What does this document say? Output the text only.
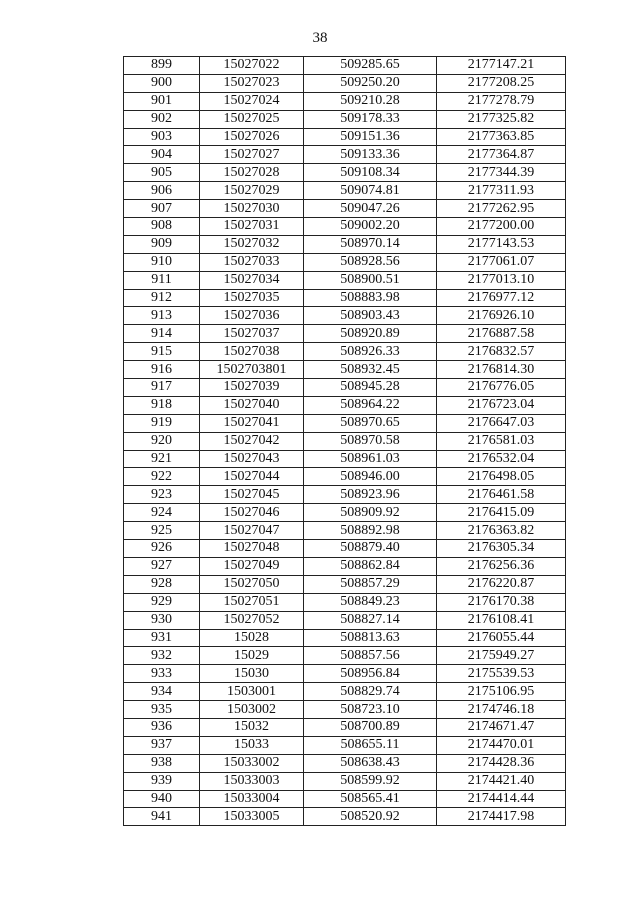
38
899	15027022	509285.65	2177147.21
900	15027023	509250.20	2177208.25
901	15027024	509210.28	2177278.79
902	15027025	509178.33	2177325.82
903	15027026	509151.36	2177363.85
904	15027027	509133.36	2177364.87
905	15027028	509108.34	2177344.39
906	15027029	509074.81	2177311.93
907	15027030	509047.26	2177262.95
908	15027031	509002.20	2177200.00
909	15027032	508970.14	2177143.53
910	15027033	508928.56	2177061.07
911	15027034	508900.51	2177013.10
912	15027035	508883.98	2176977.12
913	15027036	508903.43	2176926.10
914	15027037	508920.89	2176887.58
915	15027038	508926.33	2176832.57
916	1502703801	508932.45	2176814.30
917	15027039	508945.28	2176776.05
918	15027040	508964.22	2176723.04
919	15027041	508970.65	2176647.03
920	15027042	508970.58	2176581.03
921	15027043	508961.03	2176532.04
922	15027044	508946.00	2176498.05
923	15027045	508923.96	2176461.58
924	15027046	508909.92	2176415.09
925	15027047	508892.98	2176363.82
926	15027048	508879.40	2176305.34
927	15027049	508862.84	2176256.36
928	15027050	508857.29	2176220.87
929	15027051	508849.23	2176170.38
930	15027052	508827.14	2176108.41
931	15028	508813.63	2176055.44
932	15029	508857.56	2175949.27
933	15030	508956.84	2175539.53
934	1503001	508829.74	2175106.95
935	1503002	508723.10	2174746.18
936	15032	508700.89	2174671.47
937	15033	508655.11	2174470.01
938	15033002	508638.43	2174428.36
939	15033003	508599.92	2174421.40
940	15033004	508565.41	2174414.44
941	15033005	508520.92	2174417.98
